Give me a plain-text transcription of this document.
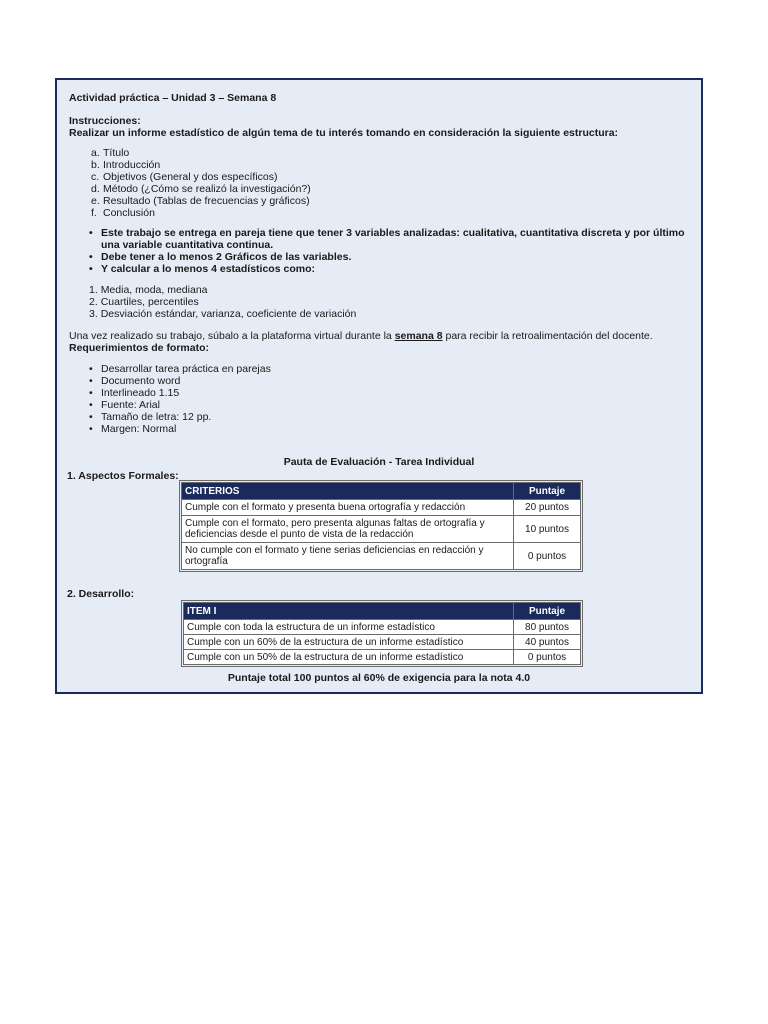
Actividad práctica – Unidad 3 – Semana 8
Instrucciones:
Realizar un informe estadístico de algún tema de tu interés tomando en consideración la siguiente estructura:
a. Título
b. Introducción
c. Objetivos (General y dos específicos)
d. Método (¿Cómo se realizó la investigación?)
e. Resultado (Tablas de frecuencias y gráficos)
f. Conclusión
• Este trabajo se entrega en pareja tiene que tener 3 variables analizadas: cualitativa, cuantitativa discreta y por último una variable cuantitativa continua.
• Debe tener a lo menos 2 Gráficos de las variables.
• Y calcular a lo menos 4 estadísticos como:
1. Media, moda, mediana
2. Cuartiles, percentiles
3. Desviación estándar, varianza, coeficiente de variación
Una vez realizado su trabajo, súbalo a la plataforma virtual durante la semana 8 para recibir la retroalimentación del docente.
Requerimientos de formato:
• Desarrollar tarea práctica en parejas
• Documento word
• Interlineado 1.15
• Fuente: Arial
• Tamaño de letra: 12 pp.
• Margen: Normal
Pauta de Evaluación - Tarea Individual
1. Aspectos Formales:
CRITERIOS	Puntaje
Cumple con el formato y presenta buena ortografía y redacción	20 puntos
Cumple con el formato, pero presenta algunas faltas de ortografía y deficiencias desde el punto de vista de la redacción	10 puntos
No cumple con el formato y tiene serias deficiencias en redacción y ortografía	0 puntos
2. Desarrollo:
ITEM I	Puntaje
Cumple con toda la estructura de un informe estadístico	80 puntos
Cumple con un 60% de la estructura de un informe estadístico	40 puntos
Cumple con un 50% de la estructura de un informe estadístico	0 puntos
Puntaje total 100 puntos al 60% de exigencia para la nota 4.0
